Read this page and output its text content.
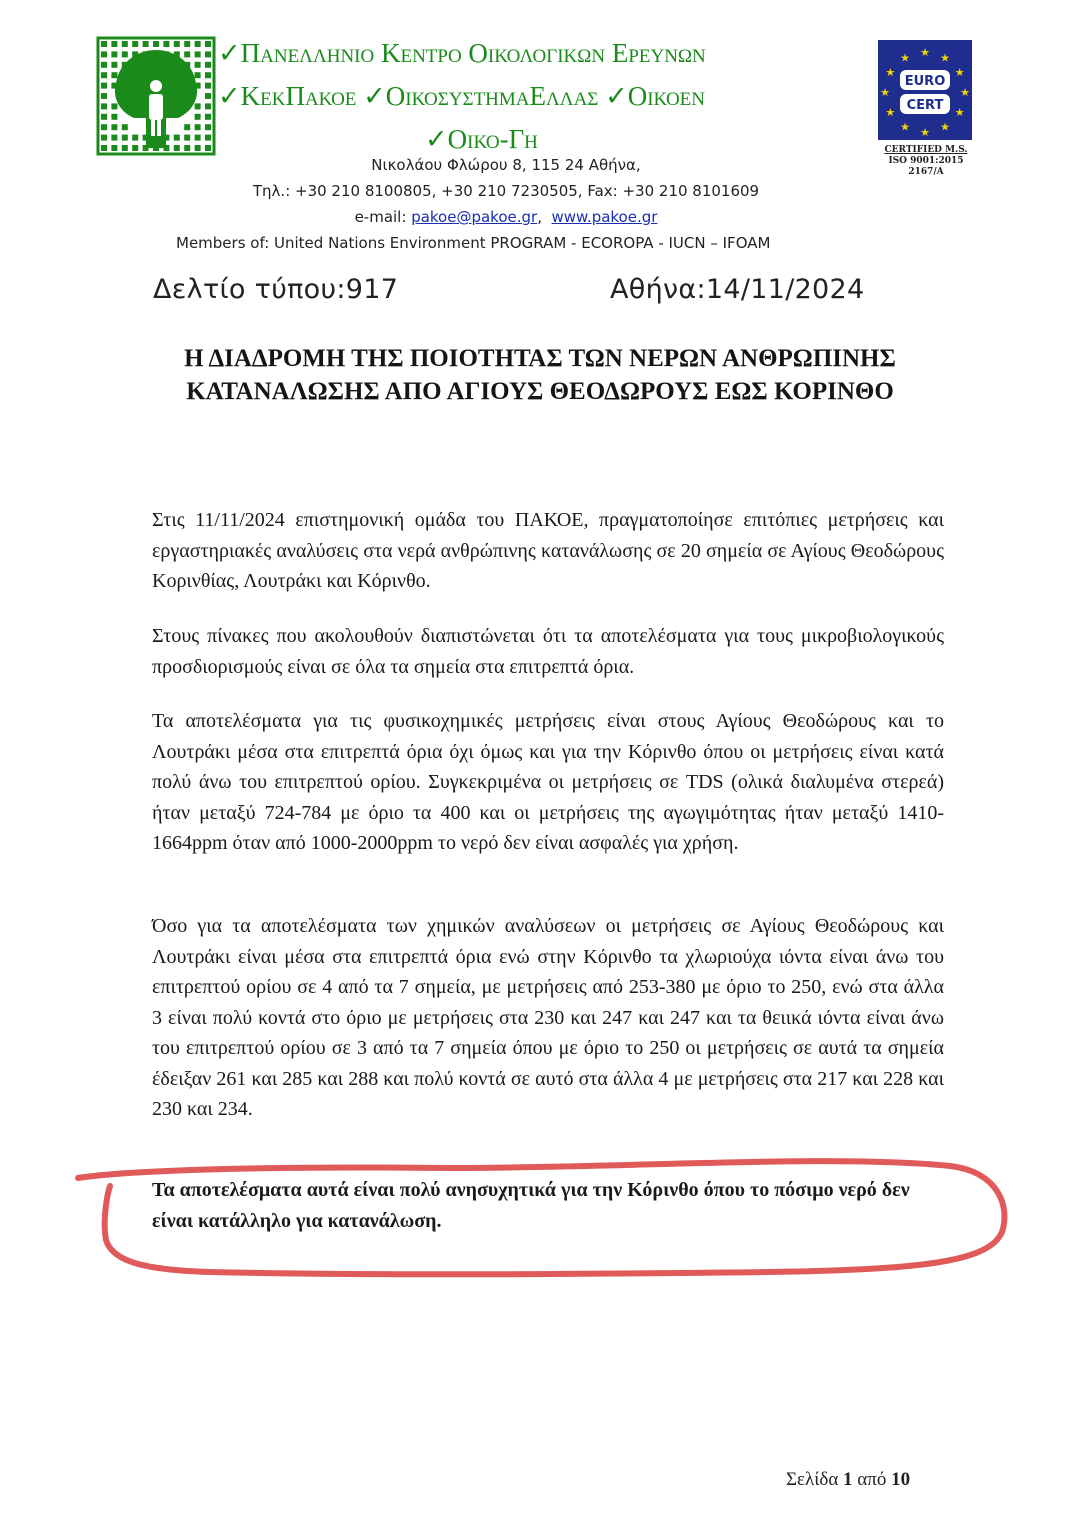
✓Πανελληνιο Κεντρο Οικολογικων Ερευνων
✓ΚεκΠακοε ✓ΟικοσυστημαΕλλας ✓Οικοεν
✓Οικο-Γη
★
★
★
★
★
★
★
★
★ ★ ★
★
EURO
CERT
CERTIFIED M.S.
ISO 9001:2015
2167/A
Νικολάου Φλώρου 8, 115 24 Αθήνα,
Τηλ.: +30 210 8100805, +30 210 7230505, Fax: +30 210 8101609
e-mail: pakoe@pakoe.gr,  www.pakoe.gr
Members of: United Nations Environment PROGRAM - ECOROPA - IUCN – IFOAM
Δελτίο τύπου:917	Αθήνα:14/11/2024
Η ΔΙΑΔΡΟΜΗ ΤΗΣ ΠΟΙΟΤΗΤΑΣ ΤΩΝ ΝΕΡΩΝ ΑΝΘΡΩΠΙΝΗΣ ΚΑΤΑΝΑΛΩΣΗΣ ΑΠΟ ΑΓΙΟΥΣ ΘΕΟΔΩΡΟΥΣ ΕΩΣ ΚΟΡΙΝΘΟ

Στις 11/11/2024 επιστημονική ομάδα του ΠΑΚΟΕ, πραγματοποίησε επιτόπιες μετρήσεις και εργαστηριακές αναλύσεις στα νερά ανθρώπινης κατανάλωσης σε 20 σημεία σε Αγίους Θεοδώρους Κορινθίας, Λουτράκι και Κόρινθο.

Στους πίνακες που ακολουθούν διαπιστώνεται ότι τα αποτελέσματα για τους μικροβιολογικούς προσδιορισμούς είναι σε όλα τα σημεία στα επιτρεπτά όρια.

Τα αποτελέσματα για τις φυσικοχημικές μετρήσεις είναι στους Αγίους Θεοδώρους και το Λουτράκι μέσα στα επιτρεπτά όρια όχι όμως και για την Κόρινθο όπου οι μετρήσεις είναι κατά πολύ άνω του επιτρεπτού ορίου. Συγκεκριμένα οι μετρήσεις σε TDS (ολικά διαλυμένα στερεά) ήταν μεταξύ 724-784 με όριο τα 400 και οι μετρήσεις της αγωγιμότητας ήταν μεταξύ 1410-1664ppm όταν από 1000-2000ppm το νερό δεν είναι ασφαλές για χρήση.

Όσο για τα αποτελέσματα των χημικών αναλύσεων οι μετρήσεις σε Αγίους Θεοδώρους και Λουτράκι είναι μέσα στα επιτρεπτά όρια ενώ στην Κόρινθο τα χλωριούχα ιόντα είναι άνω του επιτρεπτού ορίου σε 4 από τα 7 σημεία, με μετρήσεις από 253-380 με όριο το 250, ενώ στα άλλα 3 είναι πολύ κοντά στο όριο με μετρήσεις στα 230 και 247 και 247 και τα θειικά ιόντα είναι άνω του επιτρεπτού ορίου σε 3 από τα 7 σημεία όπου με όριο το 250 οι μετρήσεις σε αυτά τα σημεία έδειξαν 261 και 285 και 288 και πολύ κοντά σε αυτό στα άλλα 4 με μετρήσεις στα 217 και 228 και 230 και 234.

Τα αποτελέσματα αυτά είναι πολύ ανησυχητικά για την Κόρινθο όπου το πόσιμο νερό δεν είναι κατάλληλο για κατανάλωση.

Σελίδα 1 από 10
